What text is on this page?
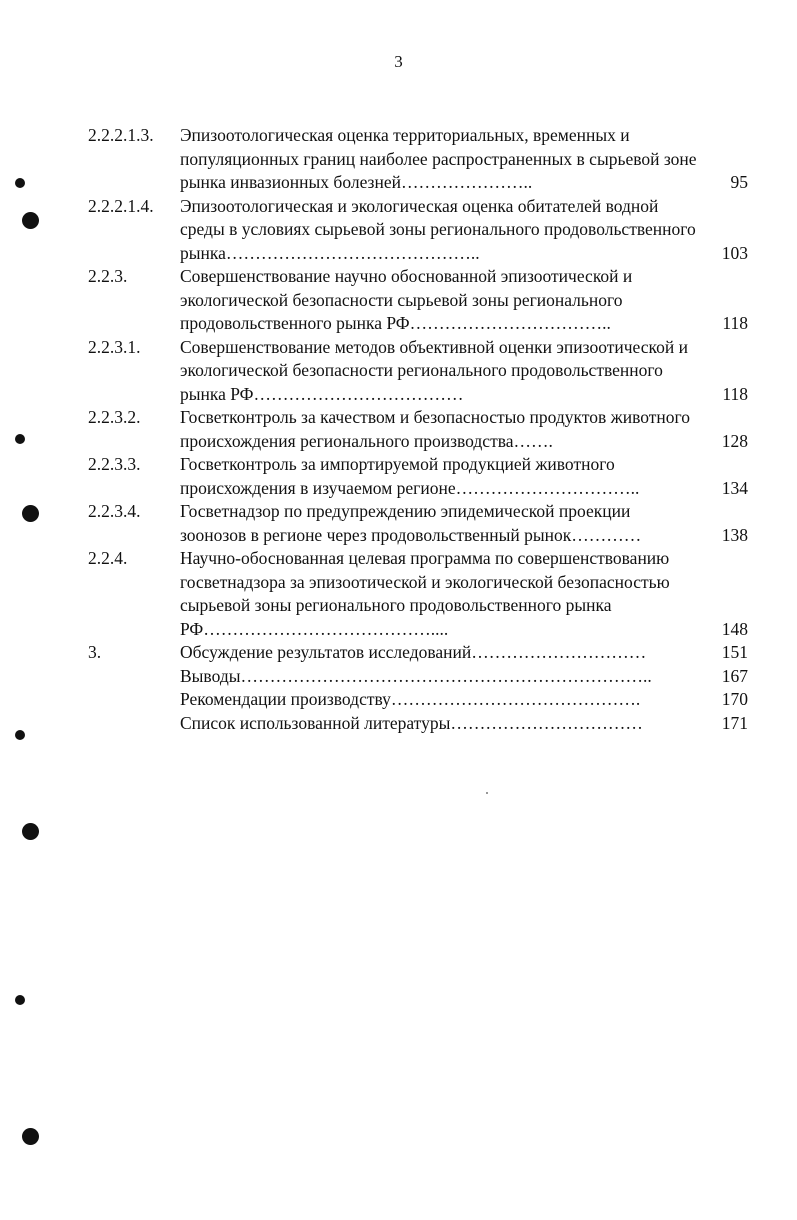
3
2.2.2.1.3.	Эпизоотологическая оценка территориальных, временных и популяционных границ наиболее распространенных в сырьевой зоне рынка инвазионных болезней…………………..	95
2.2.2.1.4.	Эпизоотологическая и экологическая оценка обитателей водной среды в условиях сырьевой зоны регионального продовольственного рынка……………………………………..	103
2.2.3.	Совершенствование научно обоснованной эпизоотической и экологической безопасности сырьевой зоны регионального продовольственного рынка РФ……………………………..	118
2.2.3.1.	Совершенствование методов объективной оценки эпизоотической и экологической безопасности регионального продовольственного рынка РФ………………………………	118
2.2.3.2.	Госветконтроль за качеством и безопасностыо продуктов животного происхождения регионального производства…….	128
2.2.3.3.	Госветконтроль за импортируемой продукцией животного происхождения в изучаемом регионе…………………………..	134
2.2.3.4.	Госветнадзор по предупреждению эпидемической проекции зоонозов в регионе через продовольственный рынок…………	138
2.2.4.	Научно-обоснованная целевая программа по совершенствованию госветнадзора за эпизоотической и экологической безопасностью сырьевой зоны регионального продовольственного рынка РФ…………………………………....	148
3.	Обсуждение результатов исследований…………………………	151
Выводы……………………………………………………………..	167
Рекомендации производству…………………………………….	170
Список использованной литературы……………………………	171
